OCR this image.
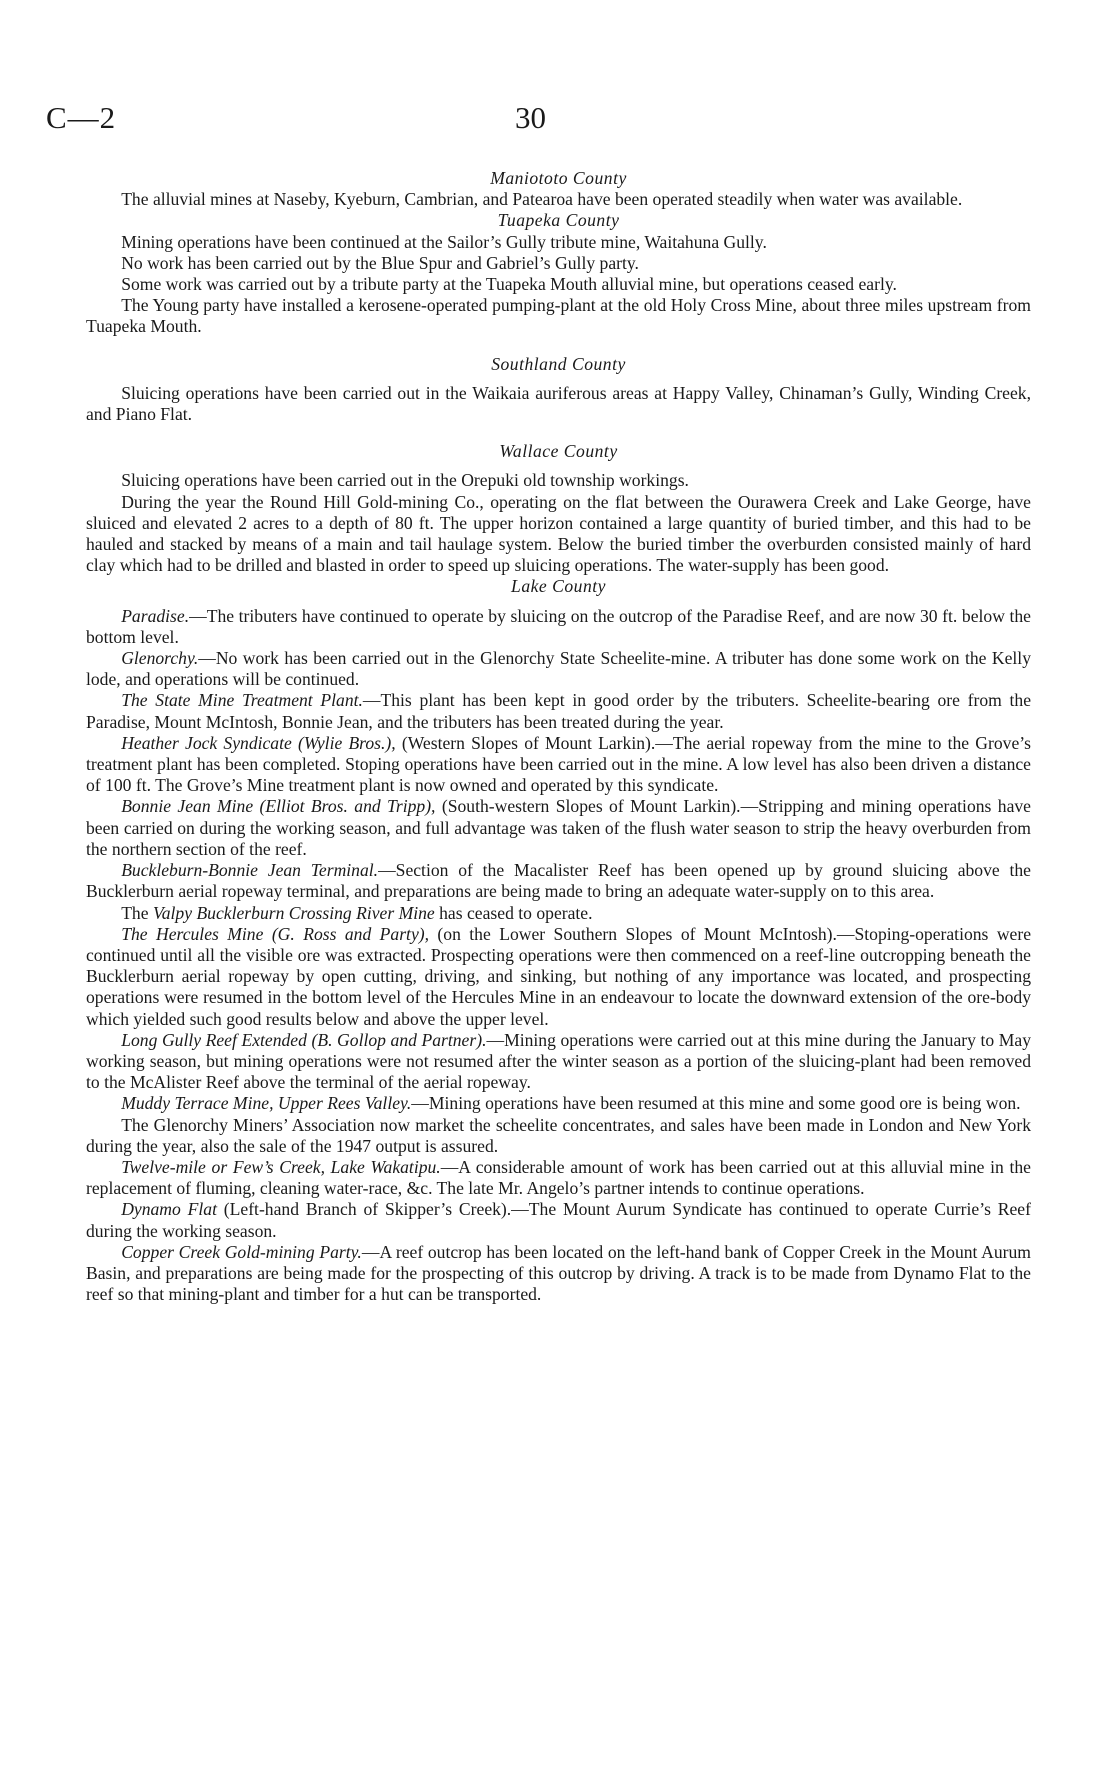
C—2	30
Maniototo County

The alluvial mines at Naseby, Kyeburn, Cambrian, and Patearoa have been operated steadily when water was available.

Tuapeka County

Mining operations have been continued at the Sailor’s Gully tribute mine, Waitahuna Gully.

No work has been carried out by the Blue Spur and Gabriel’s Gully party.

Some work was carried out by a tribute party at the Tuapeka Mouth alluvial mine, but operations ceased early.

The Young party have installed a kerosene-operated pumping-plant at the old Holy Cross Mine, about three miles upstream from Tuapeka Mouth.

Southland County

Sluicing operations have been carried out in the Waikaia auriferous areas at Happy Valley, Chinaman’s Gully, Winding Creek, and Piano Flat.

Wallace County

Sluicing operations have been carried out in the Orepuki old township workings.

During the year the Round Hill Gold-mining Co., operating on the flat between the Ourawera Creek and Lake George, have sluiced and elevated 2 acres to a depth of 80 ft. The upper horizon contained a large quantity of buried timber, and this had to be hauled and stacked by means of a main and tail haulage system. Below the buried timber the overburden consisted mainly of hard clay which had to be drilled and blasted in order to speed up sluicing operations. The water-supply has been good.

Lake County

Paradise.—The tributers have continued to operate by sluicing on the outcrop of the Paradise Reef, and are now 30 ft. below the bottom level.

Glenorchy.—No work has been carried out in the Glenorchy State Scheelite-mine. A tributer has done some work on the Kelly lode, and operations will be continued.

The State Mine Treatment Plant.—This plant has been kept in good order by the tributers. Scheelite-bearing ore from the Paradise, Mount McIntosh, Bonnie Jean, and the tributers has been treated during the year.

Heather Jock Syndicate (Wylie Bros.), (Western Slopes of Mount Larkin).—The aerial ropeway from the mine to the Grove’s treatment plant has been completed. Stoping operations have been carried out in the mine. A low level has also been driven a distance of 100 ft. The Grove’s Mine treatment plant is now owned and operated by this syndicate.

Bonnie Jean Mine (Elliot Bros. and Tripp), (South-western Slopes of Mount Larkin).—Stripping and mining operations have been carried on during the working season, and full advantage was taken of the flush water season to strip the heavy overburden from the northern section of the reef.

Buckleburn-Bonnie Jean Terminal.—Section of the Macalister Reef has been opened up by ground sluicing above the Bucklerburn aerial ropeway terminal, and preparations are being made to bring an adequate water-supply on to this area.

The Valpy Bucklerburn Crossing River Mine has ceased to operate.

The Hercules Mine (G. Ross and Party), (on the Lower Southern Slopes of Mount McIntosh).—Stoping-operations were continued until all the visible ore was extracted. Prospecting operations were then commenced on a reef-line outcropping beneath the Bucklerburn aerial ropeway by open cutting, driving, and sinking, but nothing of any importance was located, and prospecting operations were resumed in the bottom level of the Hercules Mine in an endeavour to locate the downward extension of the ore-body which yielded such good results below and above the upper level.

Long Gully Reef Extended (B. Gollop and Partner).—Mining operations were carried out at this mine during the January to May working season, but mining operations were not resumed after the winter season as a portion of the sluicing-plant had been removed to the McAlister Reef above the terminal of the aerial ropeway.

Muddy Terrace Mine, Upper Rees Valley.—Mining operations have been resumed at this mine and some good ore is being won.

The Glenorchy Miners’ Association now market the scheelite concentrates, and sales have been made in London and New York during the year, also the sale of the 1947 output is assured.

Twelve-mile or Few’s Creek, Lake Wakatipu.—A considerable amount of work has been carried out at this alluvial mine in the replacement of fluming, cleaning water-race, &c. The late Mr. Angelo’s partner intends to continue operations.

Dynamo Flat (Left-hand Branch of Skipper’s Creek).—The Mount Aurum Syndicate has continued to operate Currie’s Reef during the working season.

Copper Creek Gold-mining Party.—A reef outcrop has been located on the left-hand bank of Copper Creek in the Mount Aurum Basin, and preparations are being made for the prospecting of this outcrop by driving. A track is to be made from Dynamo Flat to the reef so that mining-plant and timber for a hut can be transported.
